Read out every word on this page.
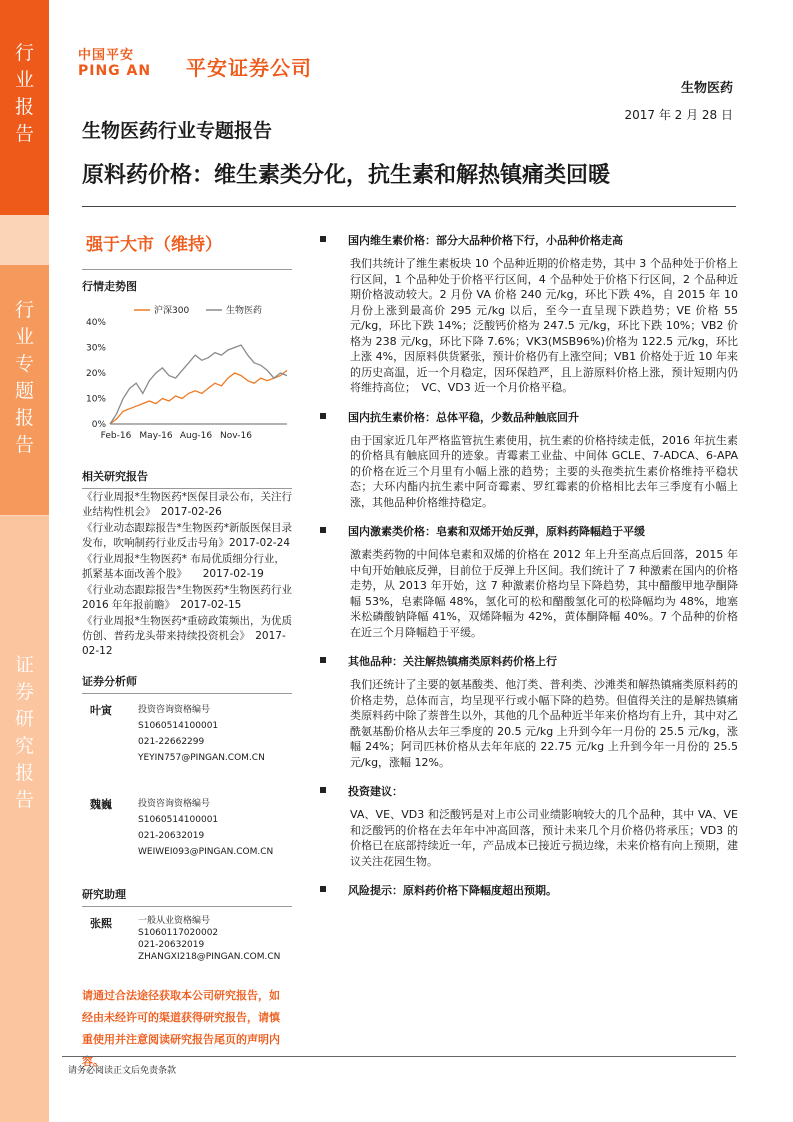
行
业
报
告
行
业
专
题
报
告
证
券
研
究
报
告
中国平安
PING AN 平安证券公司
生物医药
2017 年 2 月 28 日
生物医药行业专题报告
原料药价格：维生素类分化，抗生素和解热镇痛类回暖
强于大市（维持）
行情走势图
0%
10%
20%
30%
40%
Feb-16 May-16 Aug-16 Nov-16
沪深300	生物医药
相关研究报告
《行业周报*生物医药*医保目录公布，关注行业结构性机会》　2017-02-26
《行业动态跟踪报告*生物医药*新版医保目录发布，吹响制药行业反击号角》2017-02-24
《行业周报*生物医药* 布局优质细分行业，抓紧基本面改善个股》　　2017-02-19
《行业动态跟踪报告*生物医药*生物医药行业 2016 年年报前瞻》　2017-02-15
《行业周报*生物医药*重磅政策频出，为优质仿创、普药龙头带来持续投资机会》　2017-02-12
证券分析师
叶寅	投资咨询资格编号
S1060514100001
021-22662299
YEYIN757@PINGAN.COM.CN
魏巍	投资咨询资格编号
S1060514100001
021-20632019
WEIWEI093@PINGAN.COM.CN
研究助理
张熙	一般从业资格编号
S1060117020002
021-20632019
ZHANGXI218@PINGAN.COM.CN
请通过合法途径获取本公司研究报告，如经由未经许可的渠道获得研究报告，请慎重使用并注意阅读研究报告尾页的声明内容。
国内维生素价格：部分大品种价格下行，小品种价格走高
我们共统计了维生素板块 10 个品种近期的价格走势，其中 3 个品种处于价格上行区间，1 个品种处于价格平行区间，4 个品种处于价格下行区间，2 个品种近期价格波动较大。2 月份 VA 价格 240 元/kg，环比下跌 4%，自 2015 年 10 月份上涨到最高价 295 元/kg 以后，至今一直呈现下跌趋势；VE 价格 55 元/kg，环比下跌 14%；泛酸钙价格为 247.5 元/kg，环比下跌 10%；VB2 价格为 238 元/kg，环比下降 7.6%；VK3(MSB96%)价格为 122.5 元/kg，环比上涨 4%，因原料供货紧张，预计价格仍有上涨空间；VB1 价格处于近 10 年来的历史高温，近一个月稳定，因环保趋严，且上游原料价格上涨，预计短期内仍将维持高位；　VC、VD3 近一个月价格平稳。
国内抗生素价格：总体平稳，少数品种触底回升
由于国家近几年严格监管抗生素使用，抗生素的价格持续走低，2016 年抗生素的价格具有触底回升的迹象。青霉素工业盐、中间体 GCLE、7-ADCA、6-APA 的价格在近三个月里有小幅上涨的趋势；主要的头孢类抗生素价格维持平稳状态；大环内酯内抗生素中阿奇霉素、罗红霉素的价格相比去年三季度有小幅上涨，其他品种价格维持稳定。
国内激素类价格：皂素和双烯开始反弹，原料药降幅趋于平缓
激素类药物的中间体皂素和双烯的价格在 2012 年上升至高点后回落，2015 年中旬开始触底反弹，目前位于反弹上升区间。我们统计了 7 种激素在国内的价格走势，从 2013 年开始，这 7 种激素价格均呈下降趋势，其中醋酸甲地孕酮降幅 53%，皂素降幅 48%，氢化可的松和醋酸氢化可的松降幅均为 48%，地塞米松磷酸钠降幅 41%，双烯降幅为 42%，黄体酮降幅 40%。7 个品种的价格在近三个月降幅趋于平缓。
其他品种：关注解热镇痛类原料药价格上行
我们还统计了主要的氨基酸类、他汀类、普利类、沙滩类和解热镇痛类原料药的价格走势，总体而言，均呈现平行或小幅下降的趋势。但值得关注的是解热镇痛类原料药中除了萘普生以外，其他的几个品种近半年来价格均有上升，其中对乙酰氨基酚价格从去年三季度的 20.5 元/kg 上升到今年一月份的 25.5 元/kg，涨幅 24%；阿司匹林价格从去年年底的 22.75 元/kg 上升到今年一月份的 25.5 元/kg，涨幅 12%。
投资建议：
VA、VE、VD3 和泛酸钙是对上市公司业绩影响较大的几个品种，其中 VA、VE 和泛酸钙的价格在去年年中冲高回落，预计未来几个月价格仍将承压；VD3 的价格已在底部持续近一年，产品成本已接近亏损边缘，未来价格有向上预期，建议关注花园生物。
风险提示：原料药价格下降幅度超出预期。
请务必阅读正文后免责条款
